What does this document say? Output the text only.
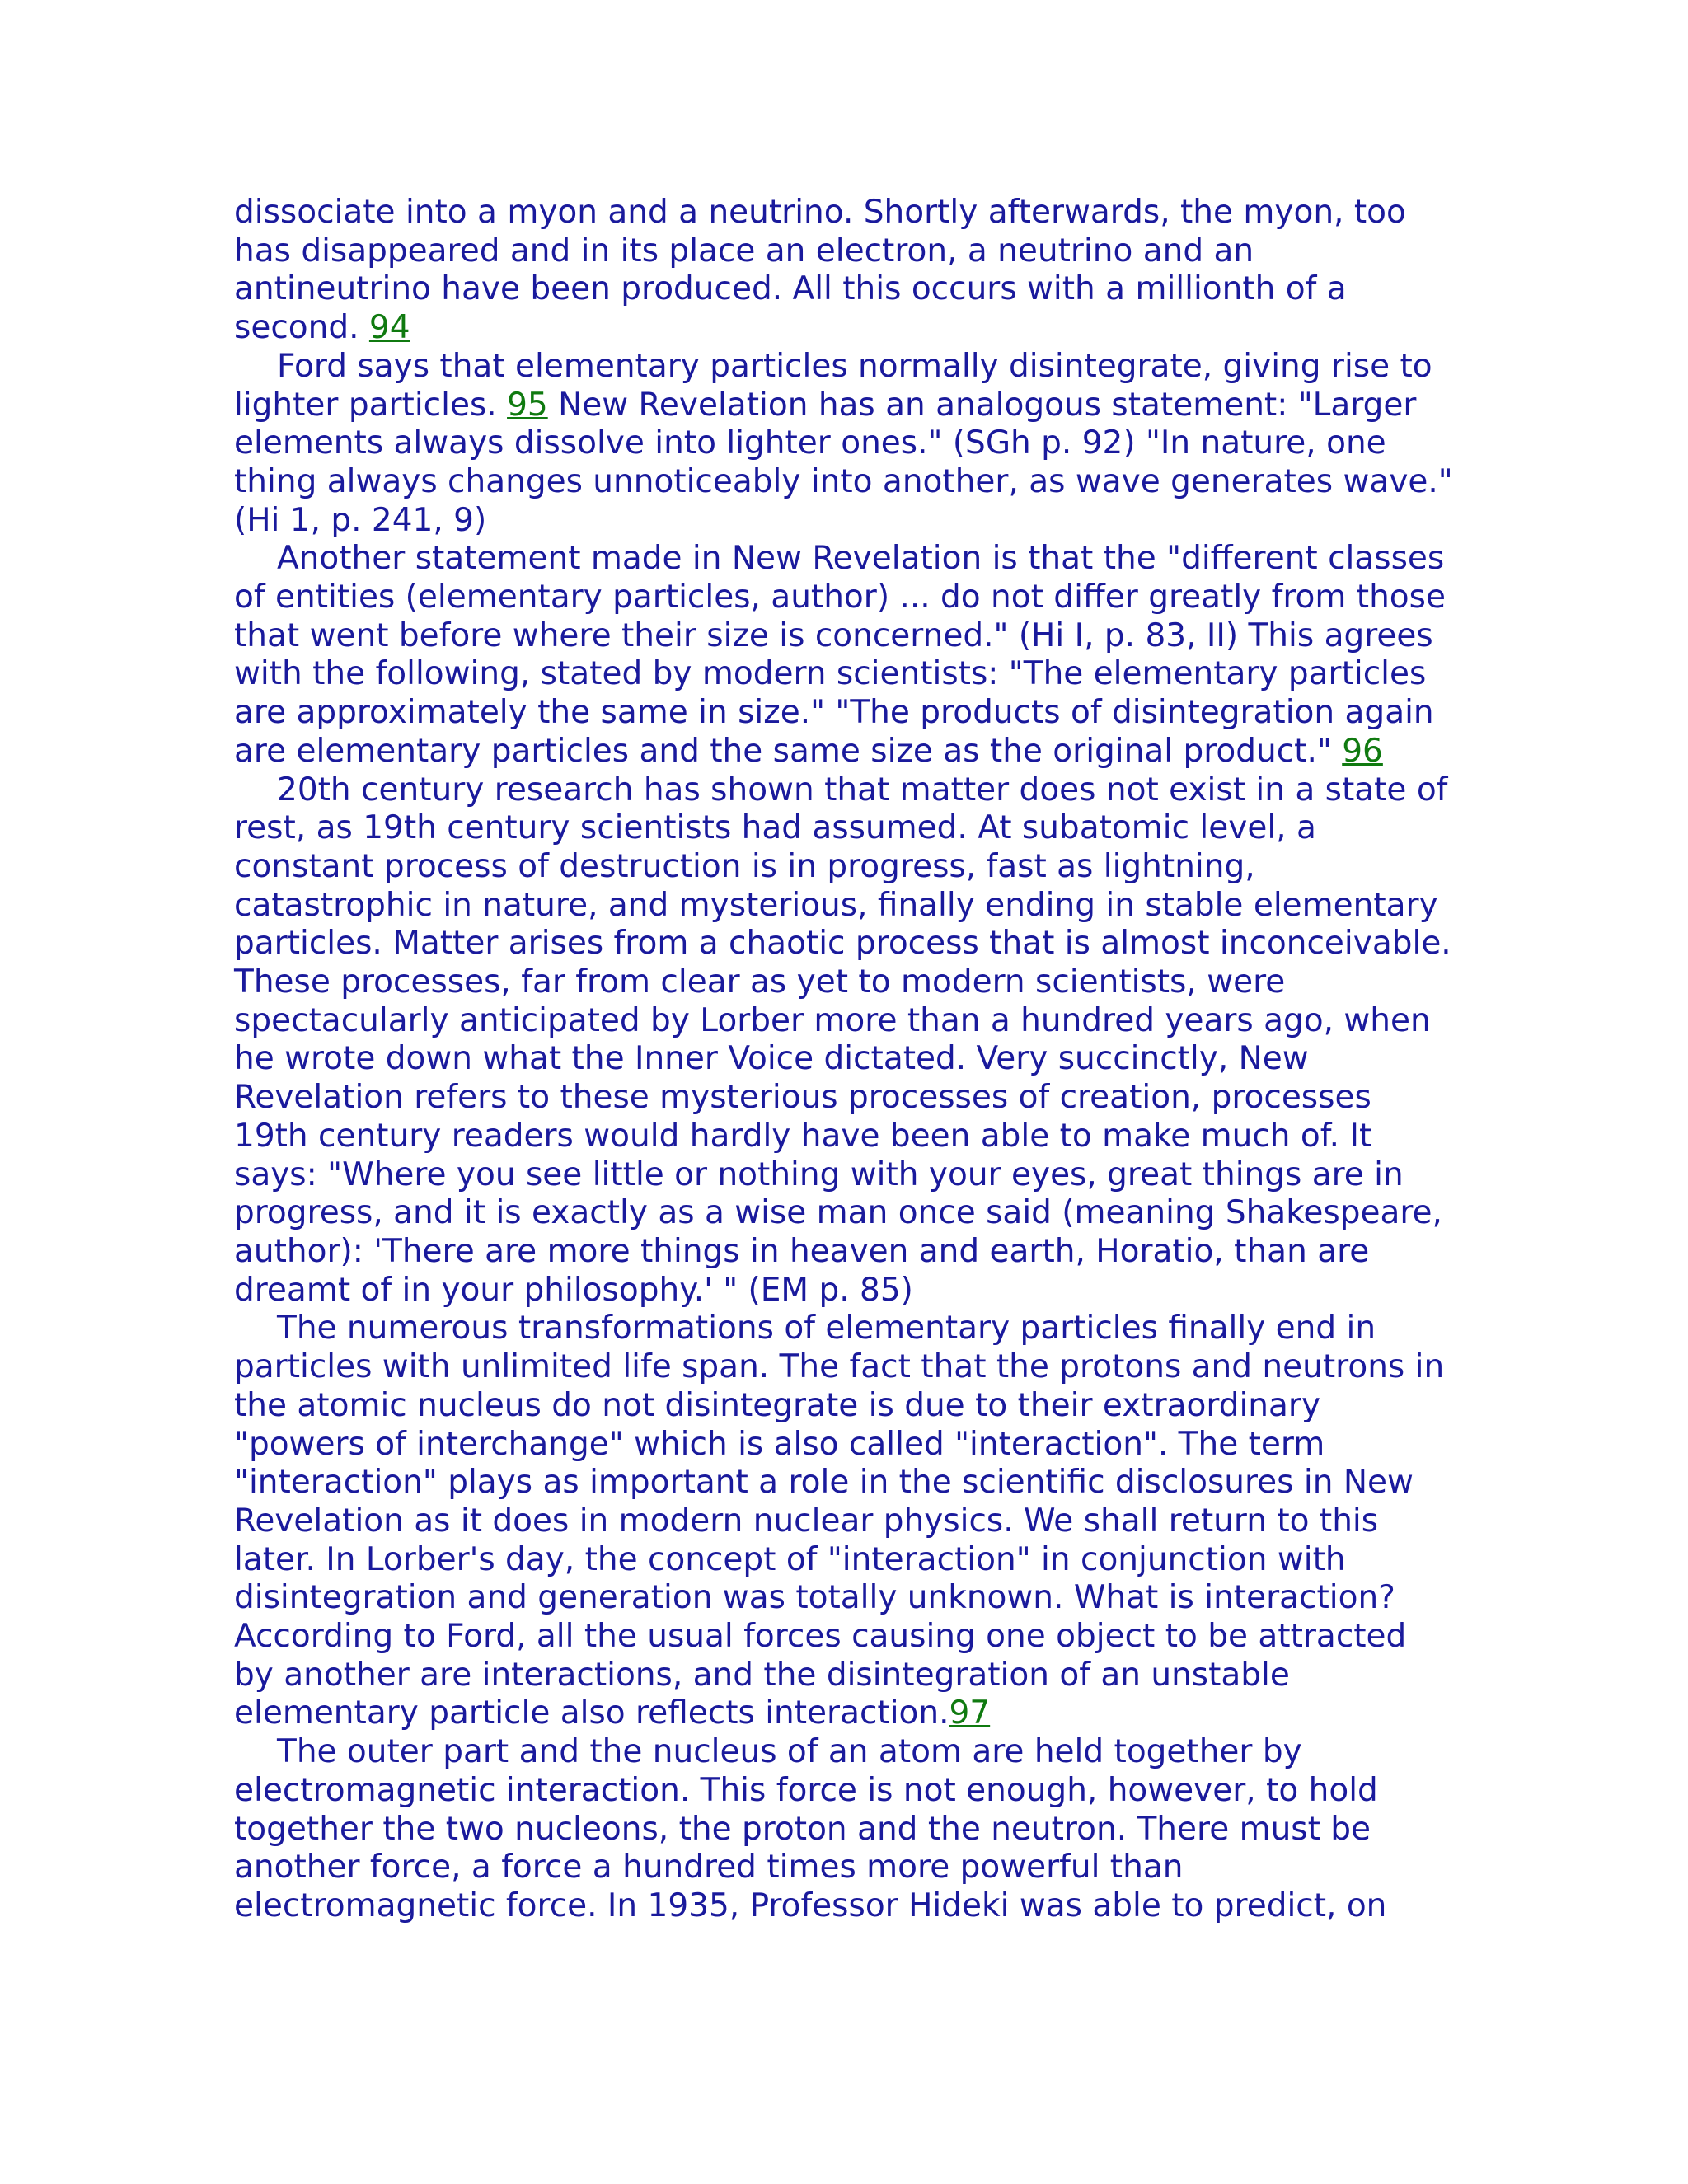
dissociate into a myon and a neutrino. Shortly afterwards, the myon, too has disappeared and in its place an electron, a neutrino and an antineutrino have been produced. All this occurs with a millionth of a second. 94

Ford says that elementary particles normally disintegrate, giving rise to lighter particles. 95 New Revelation has an analogous statement: "Larger elements always dissolve into lighter ones." (SGh p. 92) "In nature, one thing always changes unnoticeably into another, as wave generates wave." (Hi 1, p. 241, 9)

Another statement made in New Revelation is that the "different classes of entities (elementary particles, author) ... do not differ greatly from those that went before where their size is concerned." (Hi I, p. 83, II) This agrees with the following, stated by modern scientists: "The elementary particles are approximately the same in size." "The products of disintegration again are elementary particles and the same size as the original product." 96

20th century research has shown that matter does not exist in a state of rest, as 19th century scientists had assumed. At subatomic level, a constant process of destruction is in progress, fast as lightning, catastrophic in nature, and mysterious, finally ending in stable elementary particles. Matter arises from a chaotic process that is almost inconceivable. These processes, far from clear as yet to modern scientists, were spectacularly anticipated by Lorber more than a hundred years ago, when he wrote down what the Inner Voice dictated. Very succinctly, New Revelation refers to these mysterious processes of creation, processes 19th century readers would hardly have been able to make much of. It says: "Where you see little or nothing with your eyes, great things are in progress, and it is exactly as a wise man once said (meaning Shakespeare, author): 'There are more things in heaven and earth, Horatio, than are dreamt of in your philosophy.' " (EM p. 85)

The numerous transformations of elementary particles finally end in particles with unlimited life span. The fact that the protons and neutrons in the atomic nucleus do not disintegrate is due to their extraordinary "powers of interchange" which is also called "interaction". The term "interaction" plays as important a role in the scientific disclosures in New Revelation as it does in modern nuclear physics. We shall return to this later. In Lorber's day, the concept of "interaction" in conjunction with disintegration and generation was totally unknown. What is interaction? According to Ford, all the usual forces causing one object to be attracted by another are interactions, and the disintegration of an unstable elementary particle also reflects interaction.97

The outer part and the nucleus of an atom are held together by electromagnetic interaction. This force is not enough, however, to hold together the two nucleons, the proton and the neutron. There must be another force, a force a hundred times more powerful than electromagnetic force. In 1935, Professor Hideki was able to predict, on
